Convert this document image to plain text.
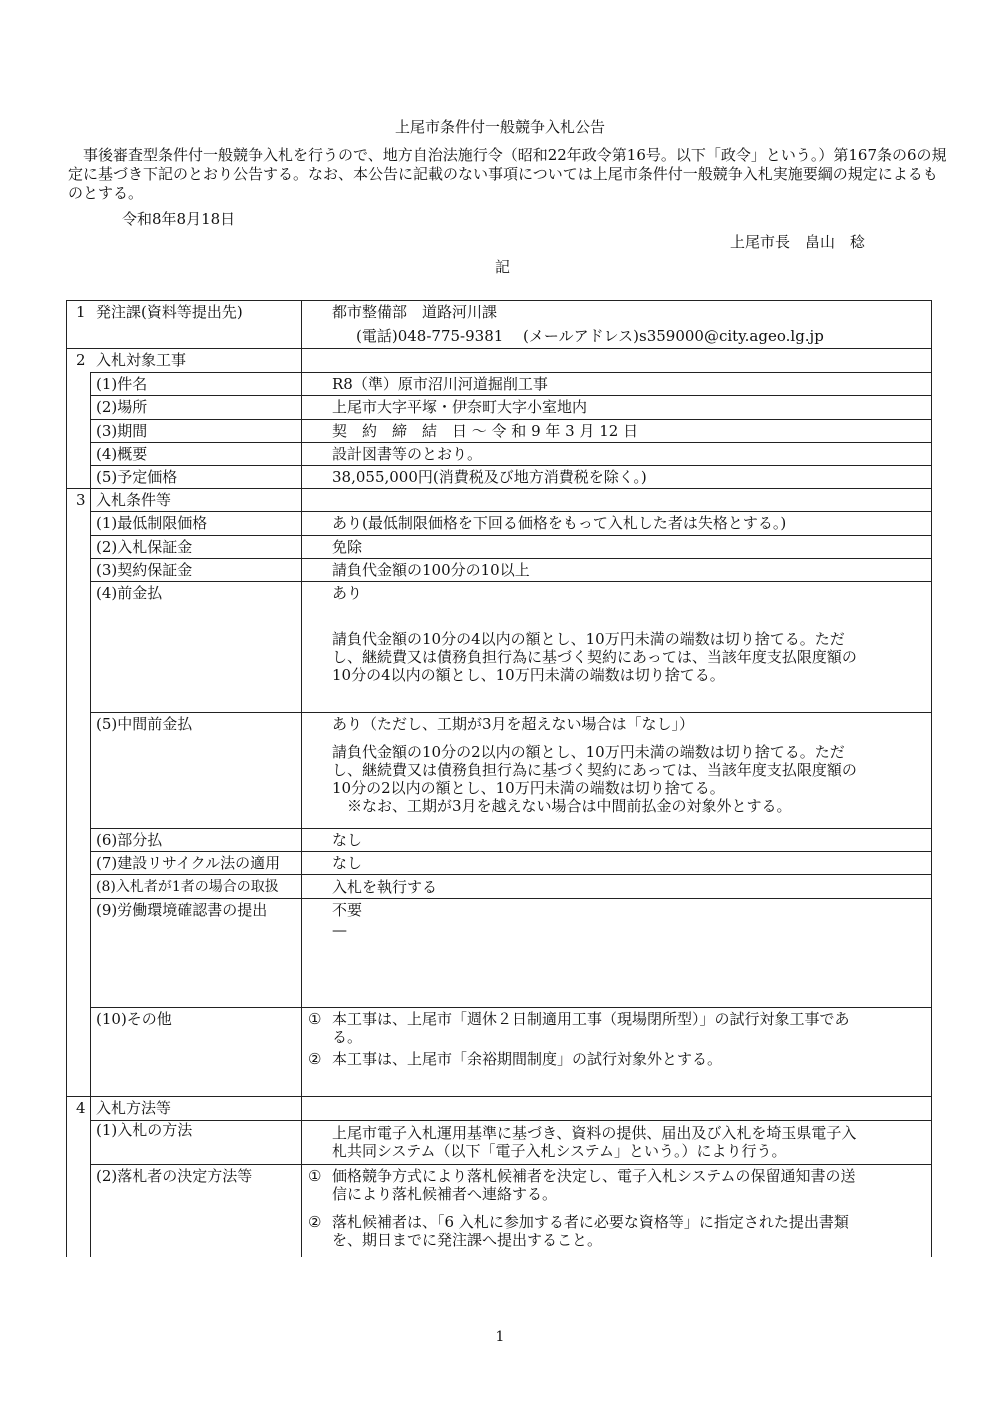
上尾市条件付一般競争入札公告
事後審査型条件付一般競争入札を行うので、地方自治法施行令（昭和22年政令第16号。以下「政令」という。）第167条の6の規定に基づき下記のとおり公告する。なお、本公告に記載のない事項については上尾市条件付一般競争入札実施要綱の規定によるものとする。
令和8年8月18日
上尾市長　畠山　稔
記
1 発注課(資料等提出先)	都市整備部　道路河川課
(電話)048-775-9381　 (メールアドレス)s359000@city.ageo.lg.jp
2 入札対象工事
(1)件名	R8（準）原市沼川河道掘削工事
(2)場所	上尾市大字平塚・伊奈町大字小室地内
(3)期間	契　約　締　結　日 ～ 令 和 9 年 3 月 12 日
(4)概要	設計図書等のとおり。
(5)予定価格	38,055,000円(消費税及び地方消費税を除く。)
3 入札条件等
(1)最低制限価格	あり(最低制限価格を下回る価格をもって入札した者は失格とする。)
(2)入札保証金	免除
(3)契約保証金	請負代金額の100分の10以上
(4)前金払	あり
請負代金額の10分の4以内の額とし、10万円未満の端数は切り捨てる。ただ
し、継続費又は債務負担行為に基づく契約にあっては、当該年度支払限度額の
10分の4以内の額とし、10万円未満の端数は切り捨てる。
(5)中間前金払	あり（ただし、工期が3月を超えない場合は「なし」）
請負代金額の10分の2以内の額とし、10万円未満の端数は切り捨てる。ただ
し、継続費又は債務負担行為に基づく契約にあっては、当該年度支払限度額の
10分の2以内の額とし、10万円未満の端数は切り捨てる。
　※なお、工期が3月を越えない場合は中間前払金の対象外とする。
(6)部分払	なし
(7)建設リサイクル法の適用	なし
(8)入札者が1者の場合の取扱	入札を執行する
(9)労働環境確認書の提出	不要
—
(10)その他	① 本工事は、上尾市「週休２日制適用工事（現場閉所型）」の試行対象工事であ
る。
② 本工事は、上尾市「余裕期間制度」の試行対象外とする。
4 入札方法等
(1)入札の方法	上尾市電子入札運用基準に基づき、資料の提供、届出及び入札を埼玉県電子入
札共同システム（以下「電子入札システム」という。）により行う。
(2)落札者の決定方法等	① 価格競争方式により落札候補者を決定し、電子入札システムの保留通知書の送
信により落札候補者へ連絡する。
② 落札候補者は、「6 入札に参加する者に必要な資格等」に指定された提出書類
を、期日までに発注課へ提出すること。
1
